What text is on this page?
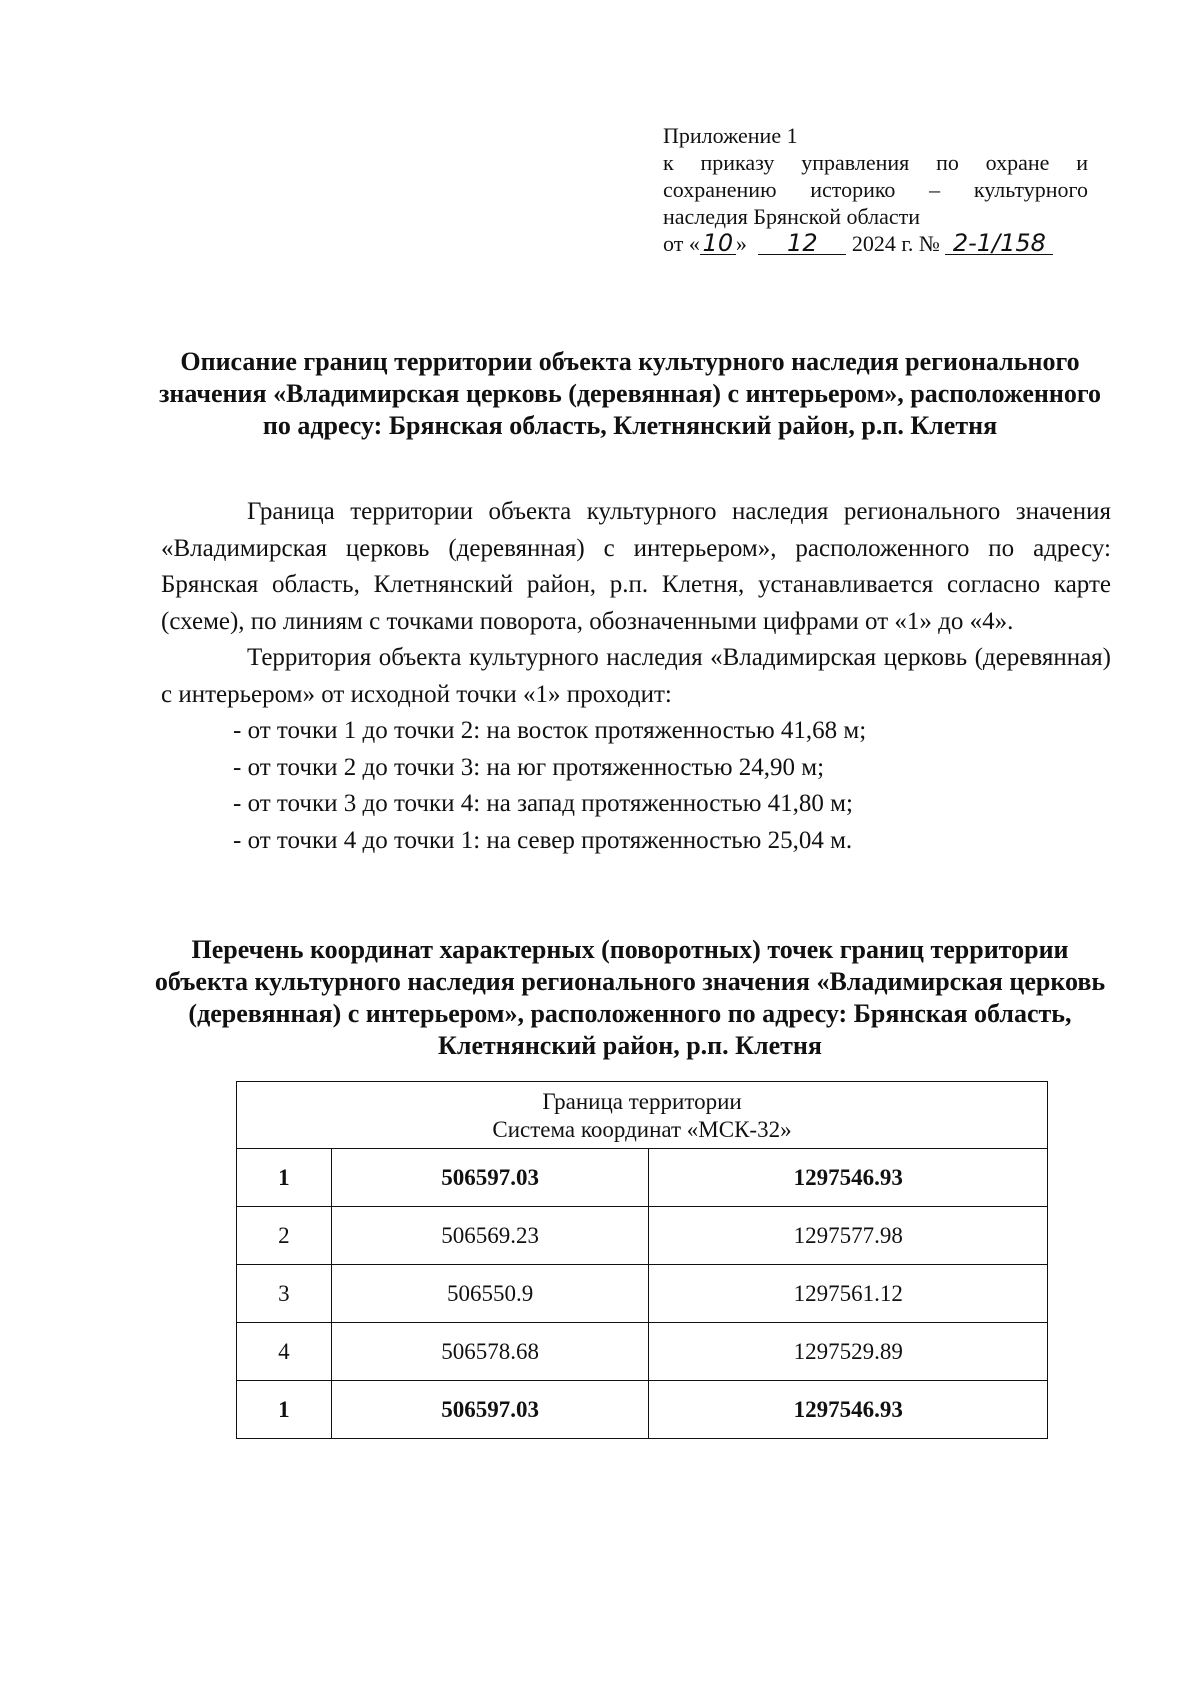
Приложение 1
к приказу управления по охране и
сохранению историко – культурного
наследия Брянской области
от « 10 » 12 2024 г. № 2-1/158
Описание границ территории объекта культурного наследия регионального значения «Владимирская церковь (деревянная) с интерьером», расположенного по адресу: Брянская область, Клетнянский район, р.п. Клетня

Граница территории объекта культурного наследия регионального значения «Владимирская церковь (деревянная) с интерьером», расположенного по адресу: Брянская область, Клетнянский район, р.п. Клетня, устанавливается согласно карте (схеме), по линиям с точками поворота, обозначенными цифрами от «1» до «4».

Территория объекта культурного наследия «Владимирская церковь (деревянная) с интерьером» от исходной точки «1» проходит:

- от точки 1 до точки 2: на восток протяженностью 41,68 м;

- от точки 2 до точки 3: на юг протяженностью 24,90 м;

- от точки 3 до точки 4: на запад протяженностью 41,80 м;

- от точки 4 до точки 1: на север протяженностью 25,04 м.

Перечень координат характерных (поворотных) точек границ территории объекта культурного наследия регионального значения «Владимирская церковь (деревянная) с интерьером», расположенного по адресу: Брянская область, Клетнянский район, р.п. Клетня
Граница территории
Система координат «МСК-32»		

1	506597.03	1297546.93
2	506569.23	1297577.98
3	506550.9	1297561.12
4	506578.68	1297529.89
1	506597.03	1297546.93
